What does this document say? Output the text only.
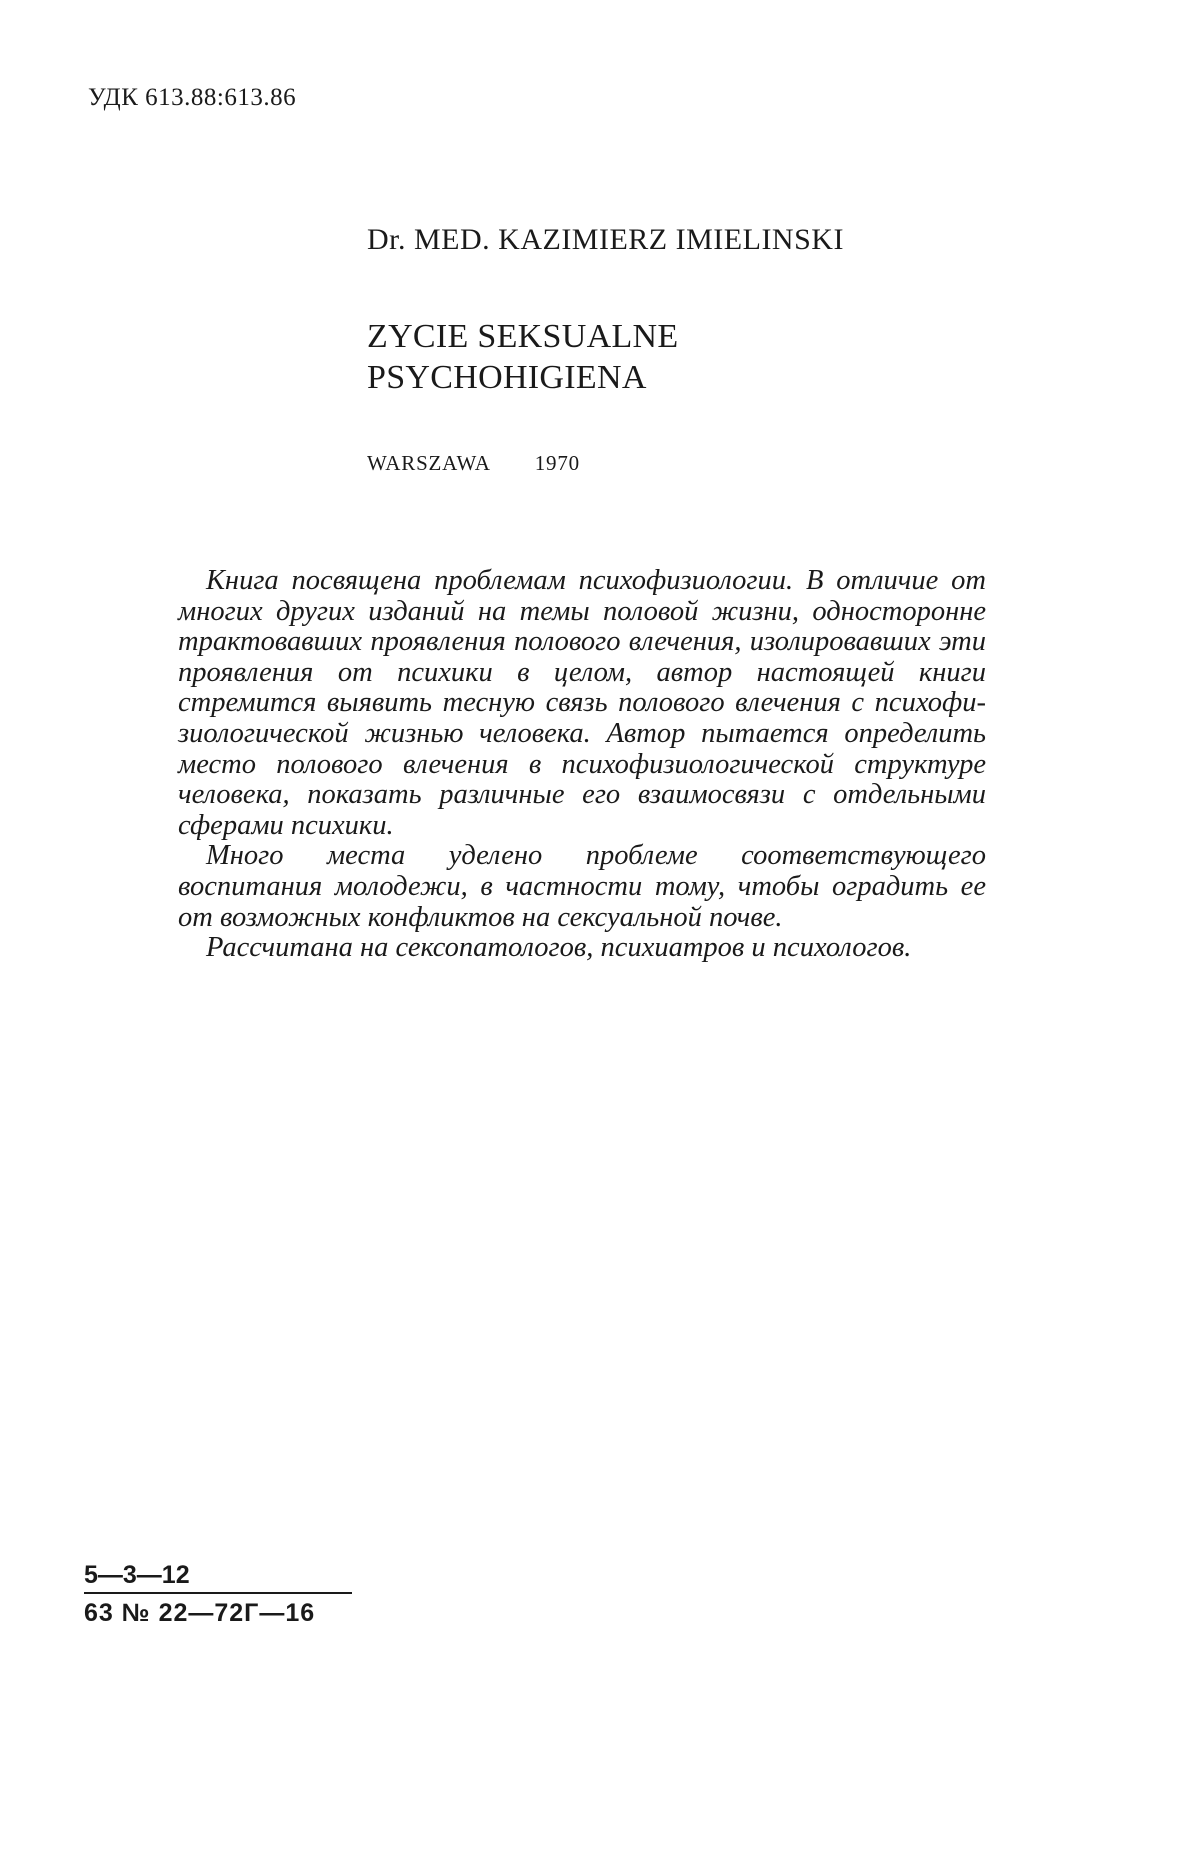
УДК 613.88:613.86
Dr. MED. KAZIMIERZ IMIELINSKI
ZYCIE SEKSUALNE
PSYCHOHIGIENA
WARSZAWA 1970

Книга посвящена проблемам психофизиологии. В отличие от многих других изданий на темы половой жизни, односторонне трактовавших проявления полового влечения, изолировавших эти проявления от психики в целом, автор настоящей книги стремится выявить тесную связь полового влечения с психофизиологической жизнью человека. Автор пытается определить место полового влечения в психофизиологической структуре человека, показать различные его взаимосвязи с отдельными сферами психики.

Много места уделено проблеме соответствующего воспитания молодежи, в частности тому, чтобы оградить ее от возможных конфликтов на сексуальной почве.

Рассчитана на сексопатологов, психиатров и психологов.

5—3—12
63 № 22—72Г—16
